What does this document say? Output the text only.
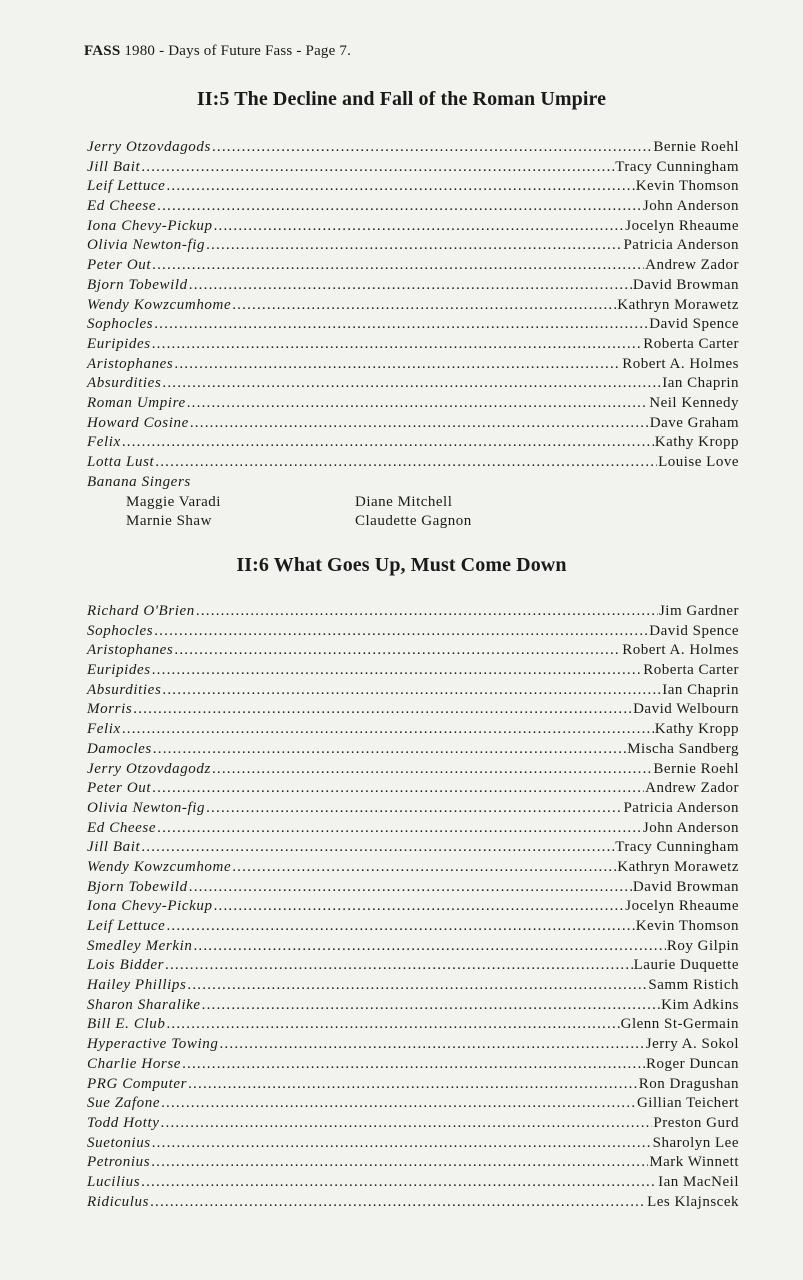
FASS 1980 - Days of Future Fass - Page 7.
II:5 The Decline and Fall of the Roman Umpire
Jerry Otzovdagods .....	Bernie Roehl
Jill Bait .....	Tracy Cunningham
Leif Lettuce .....	Kevin Thomson
Ed Cheese .....	John Anderson
Iona Chevy-Pickup .....	Jocelyn Rheaume
Olivia Newton-fig .....	Patricia Anderson
Peter Out .....	Andrew Zador
Bjorn Tobewild .....	David Browman
Wendy Kowzcumhome .....	Kathryn Morawetz
Sophocles .....	David Spence
Euripides .....	Roberta Carter
Aristophanes .....	Robert A. Holmes
Absurdities .....	Ian Chaprin
Roman Umpire .....	Neil Kennedy
Howard Cosine .....	Dave Graham
Felix .....	Kathy Kropp
Lotta Lust .....	Louise Love
Banana Singers
Maggie Varadi	Diane Mitchell
Marnie Shaw	Claudette Gagnon
II:6 What Goes Up, Must Come Down
Richard O'Brien .....	Jim Gardner
Sophocles .....	David Spence
Aristophanes .....	Robert A. Holmes
Euripides .....	Roberta Carter
Absurdities .....	Ian Chaprin
Morris .....	David Welbourn
Felix .....	Kathy Kropp
Damocles .....	Mischa Sandberg
Jerry Otzovdagodz .....	Bernie Roehl
Peter Out .....	Andrew Zador
Olivia Newton-fig .....	Patricia Anderson
Ed Cheese .....	John Anderson
Jill Bait .....	Tracy Cunningham
Wendy Kowzcumhome .....	Kathryn Morawetz
Bjorn Tobewild .....	David Browman
Iona Chevy-Pickup .....	Jocelyn Rheaume
Leif Lettuce .....	Kevin Thomson
Smedley Merkin .....	Roy Gilpin
Lois Bidder .....	Laurie Duquette
Hailey Phillips .....	Samm Ristich
Sharon Sharalike .....	Kim Adkins
Bill E. Club .....	Glenn St-Germain
Hyperactive Towing .....	Jerry A. Sokol
Charlie Horse .....	Roger Duncan
PRG Computer .....	Ron Dragushan
Sue Zafone .....	Gillian Teichert
Todd Hotty .....	Preston Gurd
Suetonius .....	Sharolyn Lee
Petronius .....	Mark Winnett
Lucilius .....	Ian MacNeil
Ridiculus .....	Les Klajnscek
